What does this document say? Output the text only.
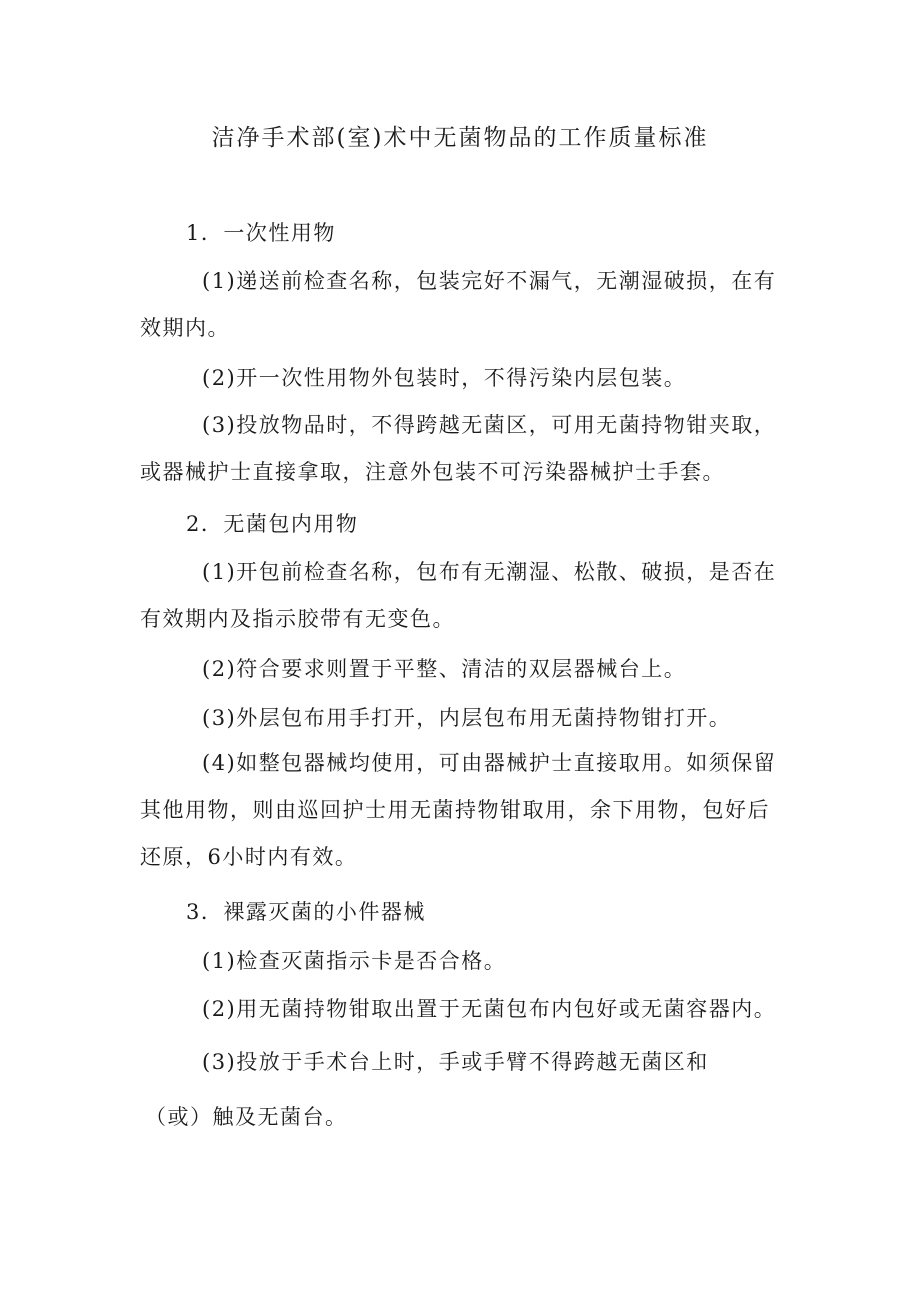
洁净手术部(室)术中无菌物品的工作质量标准

1．一次性用物

(1)递送前检查名称，包装完好不漏气，无潮湿破损，在有效期内。

(2)开一次性用物外包装时，不得污染内层包装。

(3)投放物品时，不得跨越无菌区，可用无菌持物钳夹取，或器械护士直接拿取，注意外包装不可污染器械护士手套。

2．无菌包内用物

(1)开包前检查名称，包布有无潮湿、松散、破损，是否在有效期内及指示胶带有无变色。

(2)符合要求则置于平整、清洁的双层器械台上。

(3)外层包布用手打开，内层包布用无菌持物钳打开。

(4)如整包器械均使用，可由器械护士直接取用。如须保留其他用物，则由巡回护士用无菌持物钳取用，余下用物，包好后还原，6小时内有效。

3．裸露灭菌的小件器械

(1)检查灭菌指示卡是否合格。

(2)用无菌持物钳取出置于无菌包布内包好或无菌容器内。

(3)投放于手术台上时，手或手臂不得跨越无菌区和

（或）触及无菌台。
